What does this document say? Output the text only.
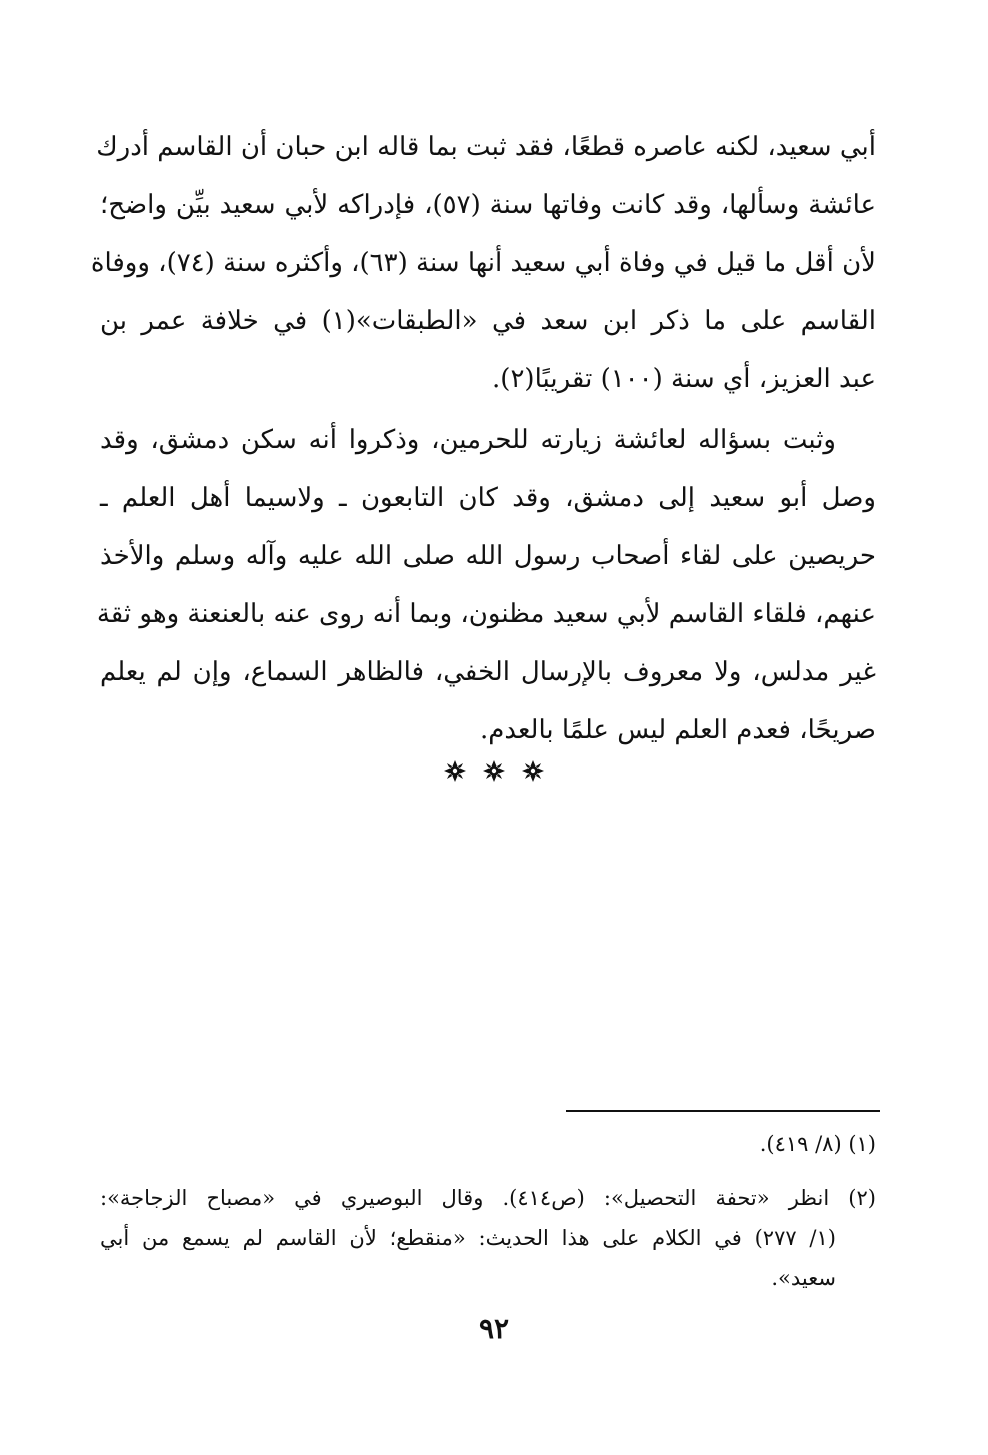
أبي سعيد، لكنه عاصره قطعًا، فقد ثبت بما قاله ابن حبان أن القاسم أدرك
عائشة وسألها، وقد كانت وفاتها سنة (٥٧)، فإدراكه لأبي سعيد بيِّن واضح؛
لأن أقل ما قيل في وفاة أبي سعيد أنها سنة (٦٣)، وأكثره سنة (٧٤)، ووفاة
القاسم على ما ذكر ابن سعد في «الطبقات»(١) في خلافة عمر بن
عبد العزيز، أي سنة (١٠٠) تقريبًا(٢).
وثبت بسؤاله لعائشة زيارته للحرمين، وذكروا أنه سكن دمشق، وقد
وصل أبو سعيد إلى دمشق، وقد كان التابعون ـ ولاسيما أهل العلم ـ
حريصين على لقاء أصحاب رسول الله صلى الله عليه وآله وسلم والأخذ
عنهم، فلقاء القاسم لأبي سعيد مظنون، وبما أنه روى عنه بالعنعنة وهو ثقة
غير مدلس، ولا معروف بالإرسال الخفي، فالظاهر السماع، وإن لم يعلم
صريحًا، فعدم العلم ليس علمًا بالعدم.

(١) (٨/ ٤١٩).
(٢) انظر «تحفة التحصيل»: (ص٤١٤). وقال البوصيري في «مصباح الزجاجة»:
(١/ ٢٧٧) في الكلام على هذا الحديث: «منقطع؛ لأن القاسم لم يسمع من أبي
سعيد».
٩٢
